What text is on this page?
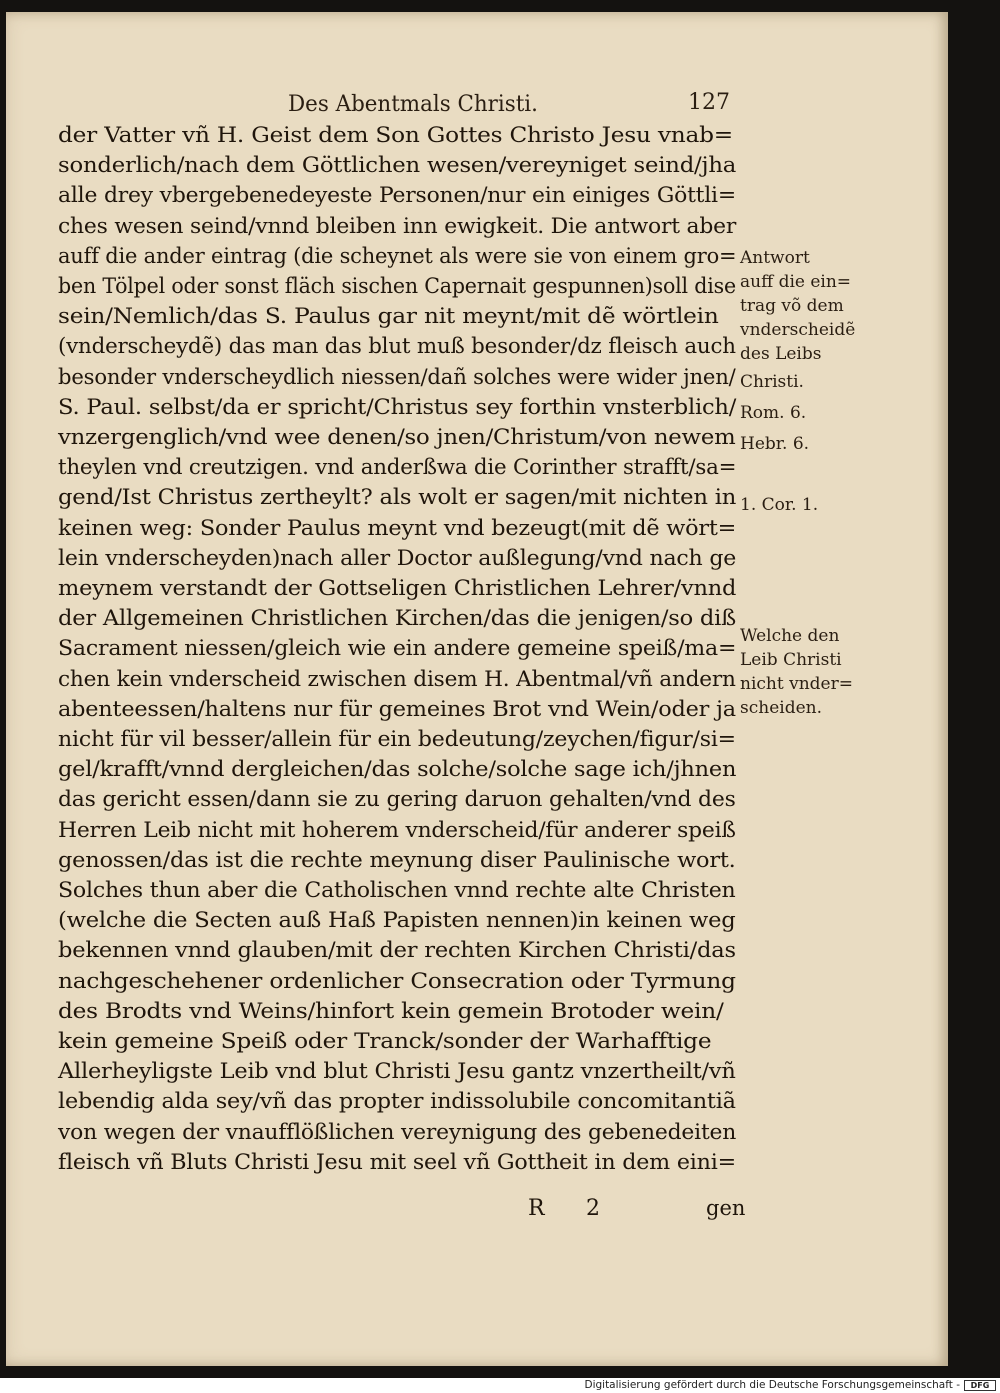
Des Abentmals Christi.	127
der Vatter vñ H. Geist dem Son Gottes Christo Jesu vnab=
sonderlich/nach dem Göttlichen wesen/vereyniget seind/jha
alle drey vbergebenedeyeste Personen/nur ein einiges Göttli=
ches wesen seind/vnnd bleiben inn ewigkeit. Die antwort aber
auff die ander eintrag (die scheynet als were sie von einem gro=
ben Tölpel oder sonst fläch sischen Capernait gespunnen)soll dise
sein/Nemlich/das S. Paulus gar nit meynt/mit dẽ wörtlein
(vnderscheydẽ) das man das blut muß besonder/dz fleisch auch
besonder vnderscheydlich niessen/dañ solches were wider jnen/
S. Paul. selbst/da er spricht/Christus sey forthin vnsterblich/
vnzergenglich/vnd wee denen/so jnen/Christum/von newem
theylen vnd creutzigen. vnd anderßwa die Corinther strafft/sa=
gend/Ist Christus zertheylt? als wolt er sagen/mit nichten in
keinen weg: Sonder Paulus meynt vnd bezeugt(mit dẽ wört=
lein vnderscheyden)nach aller Doctor außlegung/vnd nach ge
meynem verstandt der Gottseligen Christlichen Lehrer/vnnd
der Allgemeinen Christlichen Kirchen/das die jenigen/so diß
Sacrament niessen/gleich wie ein andere gemeine speiß/ma=
chen kein vnderscheid zwischen disem H. Abentmal/vñ andern
abenteessen/haltens nur für gemeines Brot vnd Wein/oder ja
nicht für vil besser/allein für ein bedeutung/zeychen/figur/si=
gel/krafft/vnnd dergleichen/das solche/solche sage ich/jhnen
das gericht essen/dann sie zu gering daruon gehalten/vnd des
Herren Leib nicht mit hoherem vnderscheid/für anderer speiß
genossen/das ist die rechte meynung diser Paulinische wort.
Solches thun aber die Catholischen vnnd rechte alte Christen
(welche die Secten auß Haß Papisten nennen)in keinen weg
bekennen vnnd glauben/mit der rechten Kirchen Christi/das
nachgeschehener ordenlicher Consecration oder Tyrmung
des Brodts vnd Weins/hinfort kein gemein Brotoder wein/
kein gemeine Speiß oder Tranck/sonder der Warhafftige
Allerheyligste Leib vnd blut Christi Jesu gantz vnzertheilt/vñ
lebendig alda sey/vñ das propter indissolubile concomitantiã
von wegen der vnaufflößlichen vereynigung des gebenedeiten
fleisch vñ Bluts Christi Jesu mit seel vñ Gottheit in dem eini=
Antwort
auff die ein=
trag võ dem
vnderscheidẽ
des Leibs
Christi.
Rom. 6.
Hebr. 6.
1. Cor. 1.
Welche den
Leib Christi
nicht vnder=
scheiden.
R 2	gen
Digitalisierung gefördert durch die Deutsche Forschungsgemeinschaft -	DFG
